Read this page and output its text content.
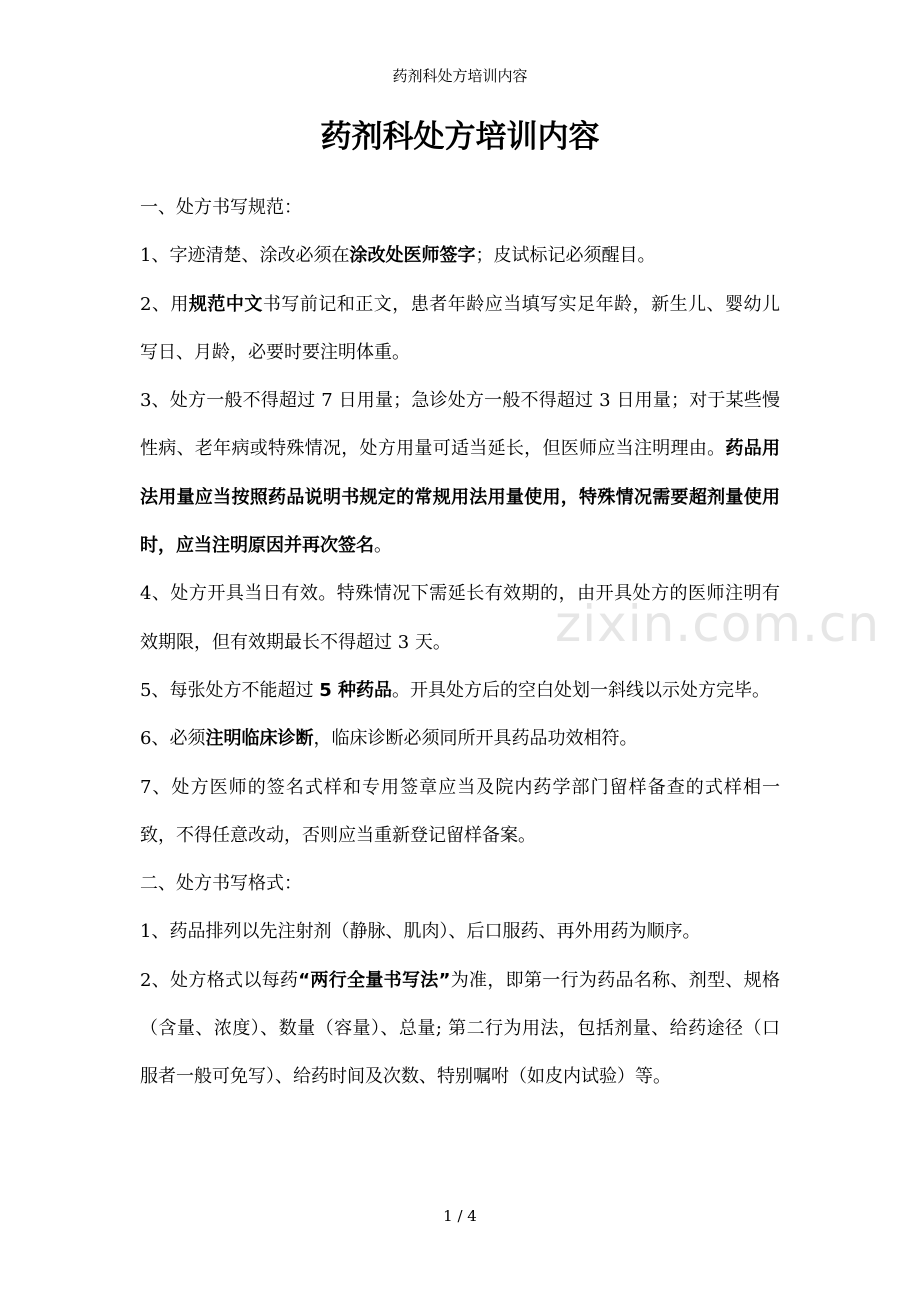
药剂科处方培训内容
药剂科处方培训内容
zixin.com.cn

一、处方书写规范：

1、字迹清楚、涂改必须在涂改处医师签字；皮试标记必须醒目。

2、用规范中文书写前记和正文，患者年龄应当填写实足年龄，新生儿、婴幼儿写日、月龄，必要时要注明体重。

3、处方一般不得超过 7 日用量；急诊处方一般不得超过 3 日用量；对于某些慢性病、老年病或特殊情况，处方用量可适当延长，但医师应当注明理由。药品用法用量应当按照药品说明书规定的常规用法用量使用，特殊情况需要超剂量使用时，应当注明原因并再次签名。

4、处方开具当日有效。特殊情况下需延长有效期的，由开具处方的医师注明有效期限，但有效期最长不得超过 3 天。

5、每张处方不能超过 5 种药品。开具处方后的空白处划一斜线以示处方完毕。

6、必须注明临床诊断，临床诊断必须同所开具药品功效相符。

7、处方医师的签名式样和专用签章应当及院内药学部门留样备查的式样相一致，不得任意改动，否则应当重新登记留样备案。

二、处方书写格式：

1、药品排列以先注射剂（静脉、肌肉）、后口服药、再外用药为顺序。

2、处方格式以每药“两行全量书写法”为准，即第一行为药品名称、剂型、规格（含量、浓度）、数量（容量）、总量; 第二行为用法，包括剂量、给药途径（口服者一般可免写）、给药时间及次数、特别嘱咐（如皮内试验）等。

1 / 4
